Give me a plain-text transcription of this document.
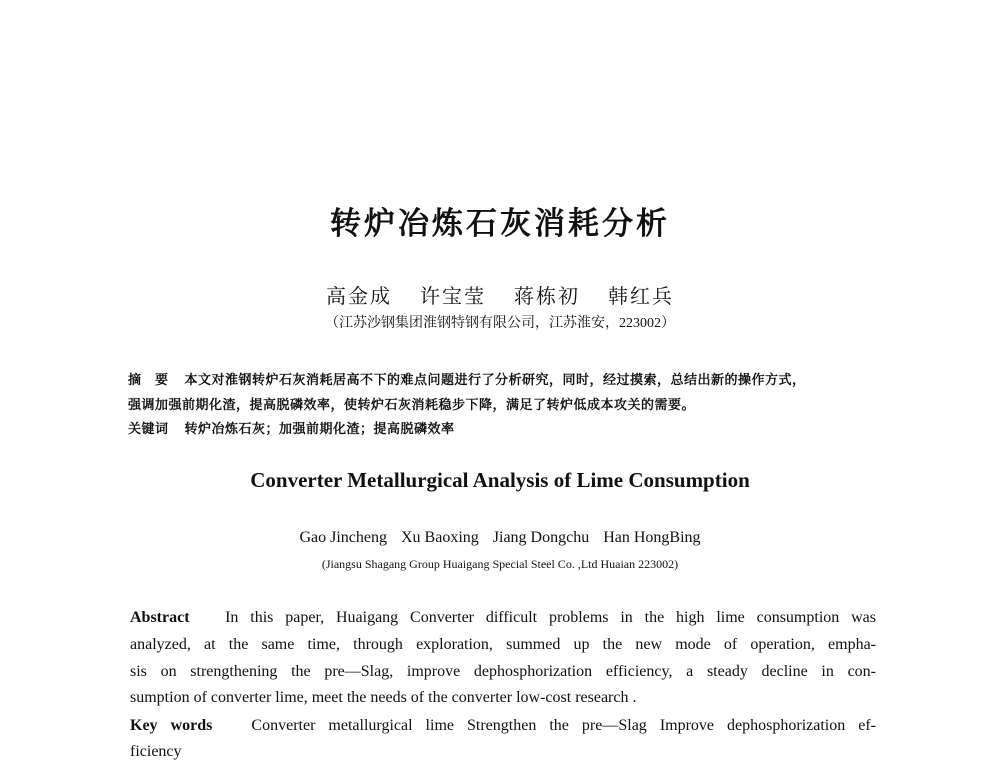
转炉冶炼石灰消耗分析
高金成 许宝莹 蒋栋初 韩红兵
（江苏沙钢集团淮钢特钢有限公司，江苏淮安，223002）
摘　要 本文对淮钢转炉石灰消耗居高不下的难点问题进行了分析研究，同时，经过摸索，总结出新的操作方式，
强调加强前期化渣，提高脱磷效率，使转炉石灰消耗稳步下降，满足了转炉低成本攻关的需要。
关键词 转炉冶炼石灰；加强前期化渣；提高脱磷效率
Converter Metallurgical Analysis of Lime Consumption
Gao Jincheng Xu Baoxing Jiang Dongchu Han HongBing
(Jiangsu Shagang Group Huaigang Special Steel Co. ,Ltd Huaian 223002)
Abstract In this paper, Huaigang Converter difficult problems in the high lime consumption was
analyzed, at the same time, through exploration, summed up the new mode of operation, empha-
sis on strengthening the pre—Slag, improve dephosphorization efficiency, a steady decline in con-
sumption of converter lime, meet the needs of the converter low-cost research .
Key words Converter metallurgical lime Strengthen the pre—Slag Improve dephosphorization ef-
ficiency
